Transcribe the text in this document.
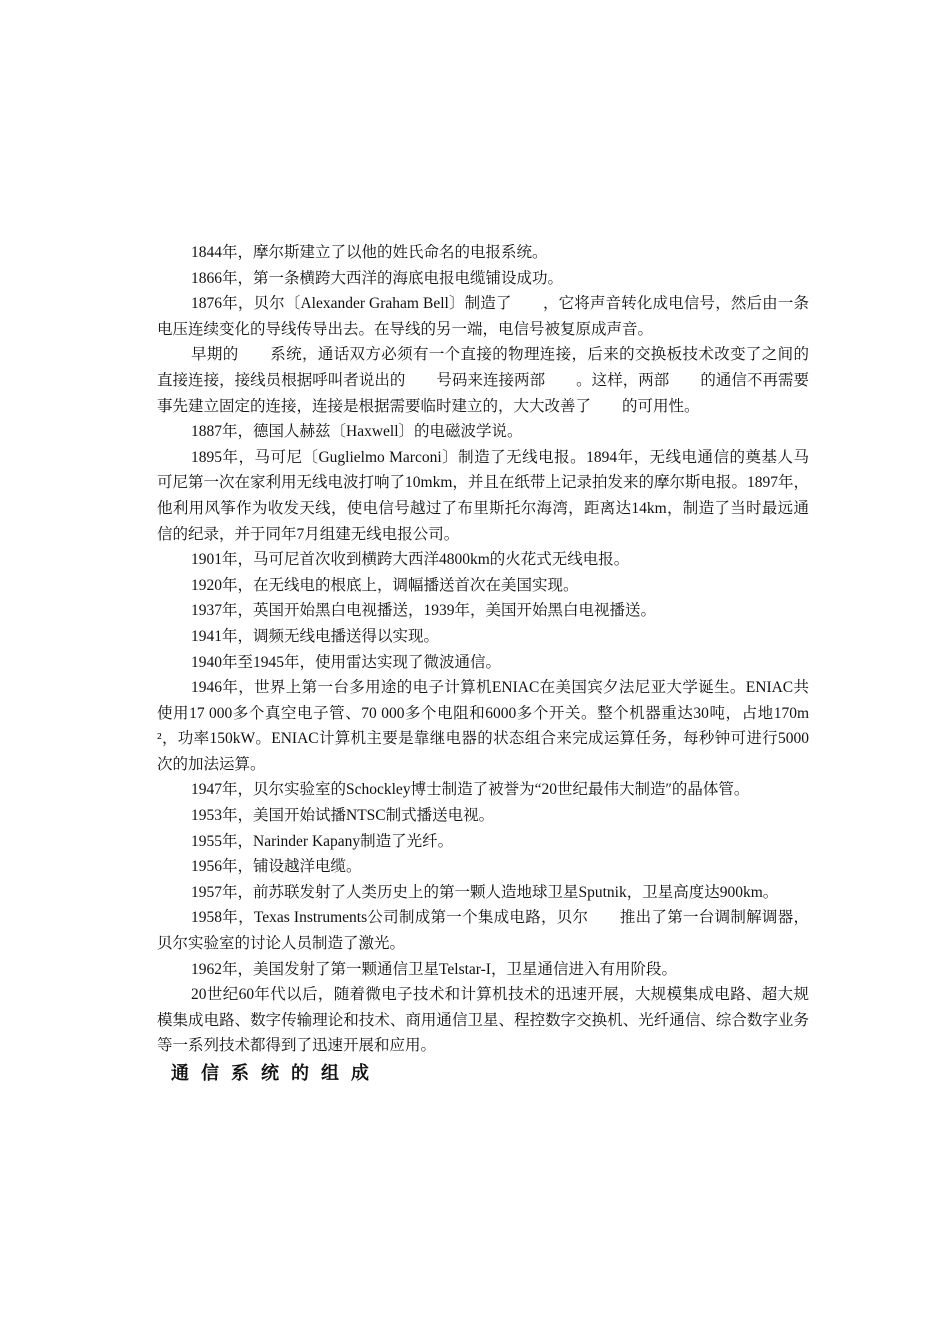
1844年，摩尔斯建立了以他的姓氏命名的电报系统。

1866年，第一条横跨大西洋的海底电报电缆铺设成功。

1876年，贝尔〔Alexander Graham Bell〕制造了　　，它将声音转化成电信号，然后由一条电压连续变化的导线传导出去。在导线的另一端，电信号被复原成声音。

早期的　　系统，通话双方必须有一个直接的物理连接，后来的交换板技术改变了之间的直接连接，接线员根据呼叫者说出的　　号码来连接两部　　。这样，两部　　的通信不再需要事先建立固定的连接，连接是根据需要临时建立的，大大改善了　　的可用性。

1887年，德国人赫兹〔Haxwell〕的电磁波学说。

1895年，马可尼〔Guglielmo Marconi〕制造了无线电报。1894年，无线电通信的奠基人马可尼第一次在家利用无线电波打响了10mkm，并且在纸带上记录拍发来的摩尔斯电报。1897年，他利用风筝作为收发天线，使电信号越过了布里斯托尔海湾，距离达14km，制造了当时最远通信的纪录，并于同年7月组建无线电报公司。

1901年，马可尼首次收到横跨大西洋4800km的火花式无线电报。

1920年，在无线电的根底上，调幅播送首次在美国实现。

1937年，英国开始黑白电视播送，1939年，美国开始黑白电视播送。

1941年，调频无线电播送得以实现。

1940年至1945年，使用雷达实现了微波通信。

1946年，世界上第一台多用途的电子计算机ENIAC在美国宾夕法尼亚大学诞生。ENIAC共使用17 000多个真空电子管、70 000多个电阻和6000多个开关。整个机器重达30吨，占地170m²，功率150kW。ENIAC计算机主要是靠继电器的状态组合来完成运算任务，每秒钟可进行5000次的加法运算。

1947年，贝尔实验室的Schockley博士制造了被誉为“20世纪最伟大制造″的晶体管。

1953年，美国开始试播NTSC制式播送电视。

1955年，Narinder Kapany制造了光纤。

1956年，铺设越洋电缆。

1957年，前苏联发射了人类历史上的第一颗人造地球卫星Sputnik，卫星高度达900km。

1958年，Texas Instruments公司制成第一个集成电路，贝尔　　推出了第一台调制解调器，贝尔实验室的讨论人员制造了激光。

1962年，美国发射了第一颗通信卫星Telstar-I，卫星通信进入有用阶段。

20世纪60年代以后，随着微电子技术和计算机技术的迅速开展，大规模集成电路、超大规模集成电路、数字传输理论和技术、商用通信卫星、程控数字交换机、光纤通信、综合数字业务等一系列技术都得到了迅速开展和应用。

通信系统的组成
